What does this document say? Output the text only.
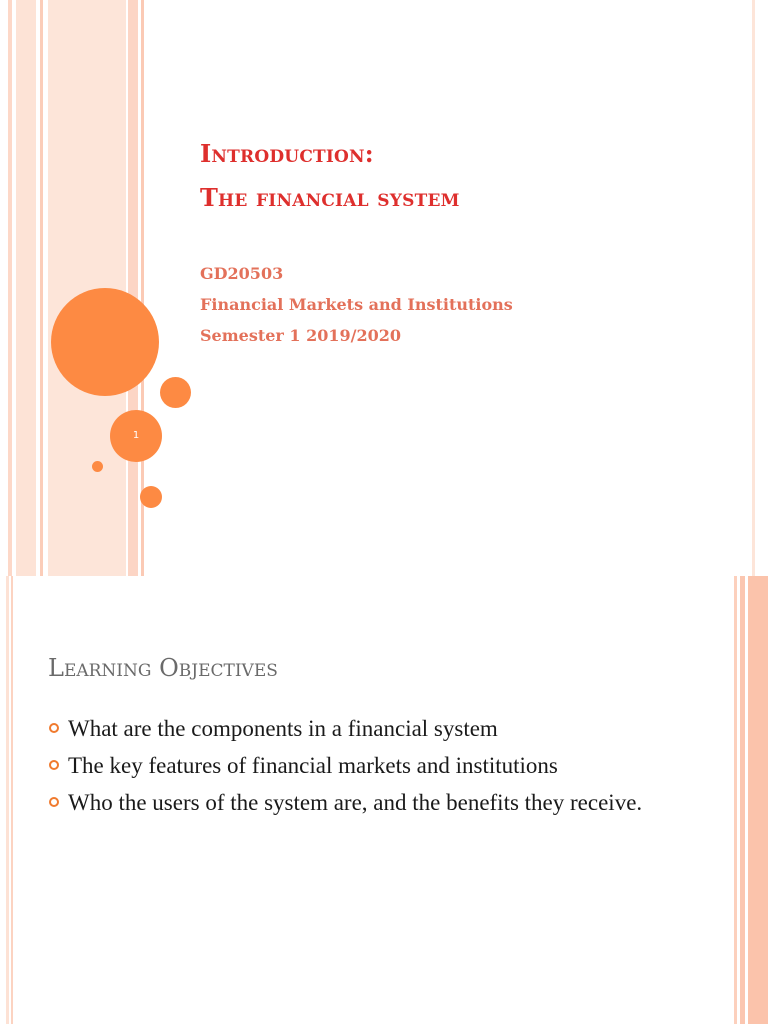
1
Introduction:
The financial system
GD20503
Financial Markets and Institutions
Semester 1 2019/2020
Learning Objectives
What are the components in a financial system
The key features of financial markets and institutions
Who the users of the system are, and the benefits they receive.
